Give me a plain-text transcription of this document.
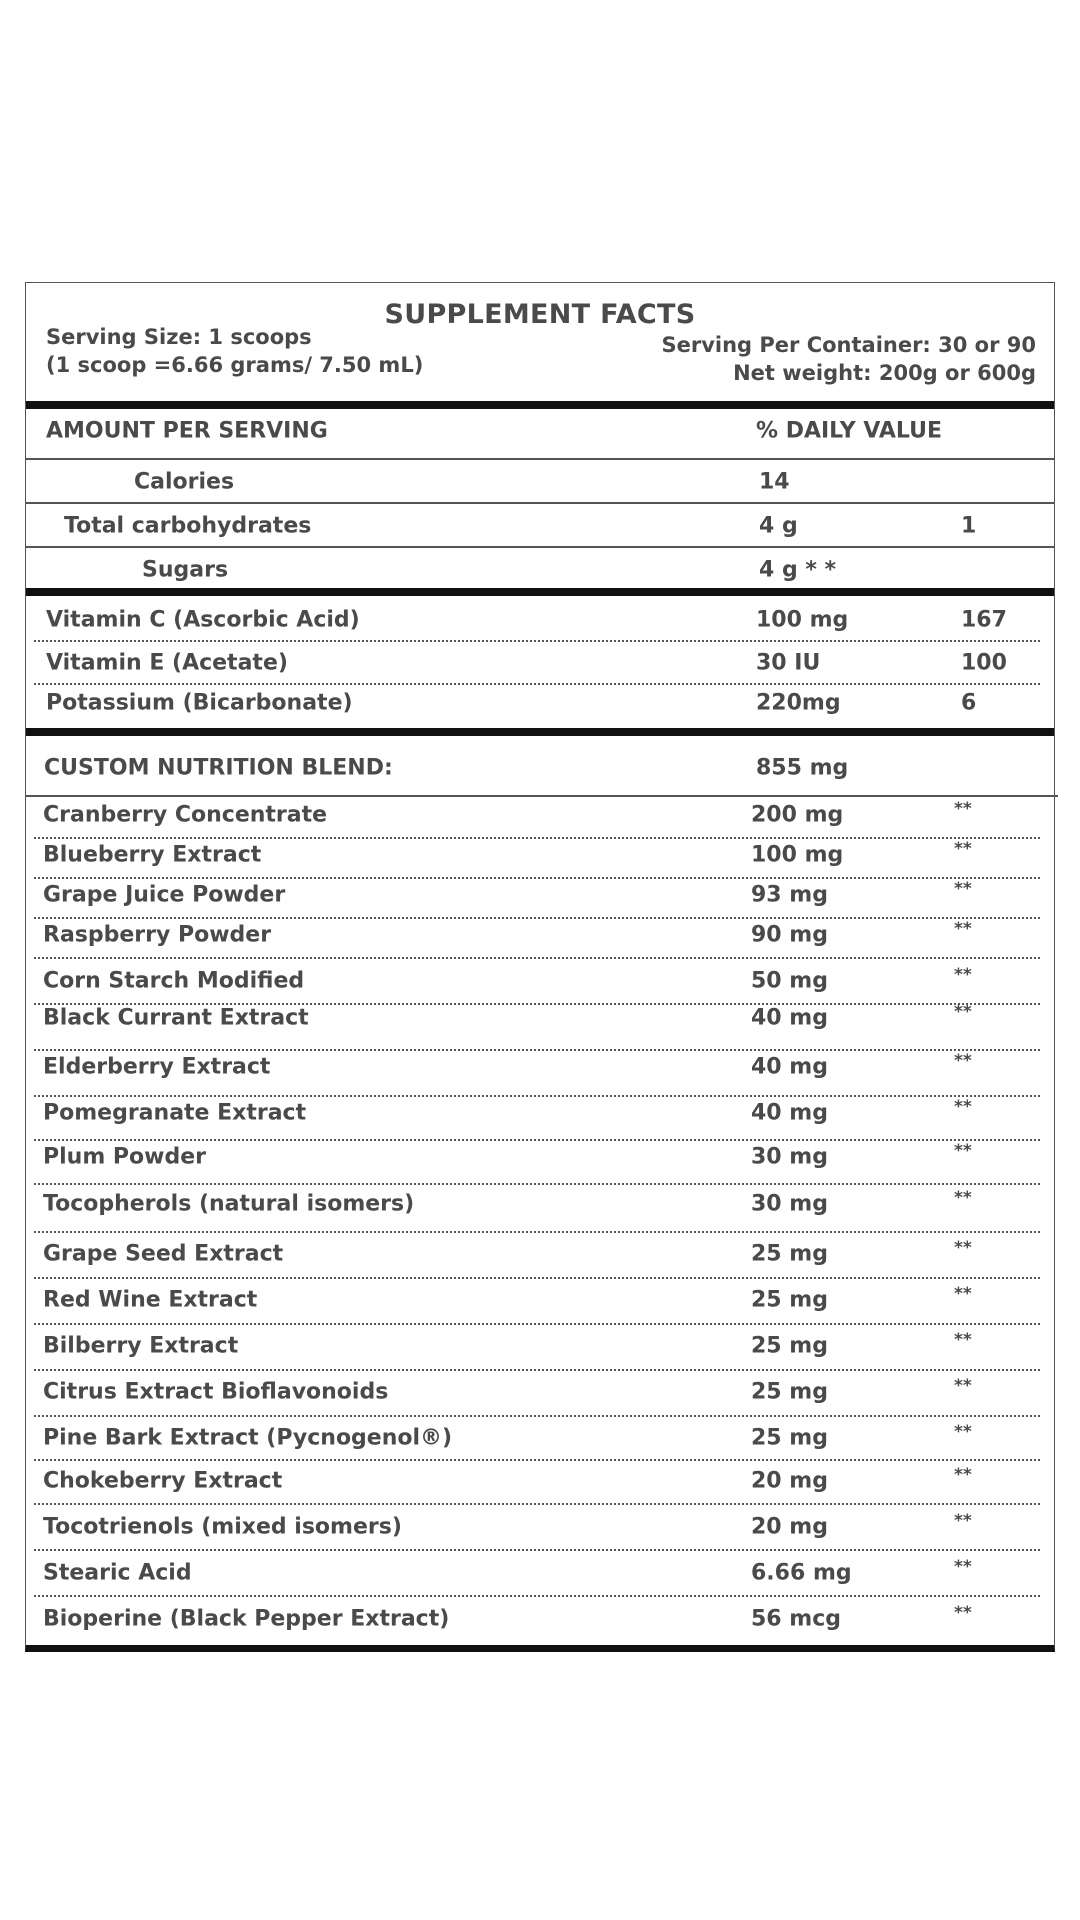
SUPPLEMENT FACTS
Serving Size: 1 scoops
(1 scoop =6.66 grams/ 7.50 mL)
Serving Per Container: 30 or 90
Net weight: 200g or 600g
AMOUNT PER SERVING	% DAILY VALUE
Calories	14
Total carbohydrates	4 g	1
Sugars	4 g * *
Vitamin C (Ascorbic Acid)	100 mg	167
Vitamin E (Acetate)	30 IU	100
Potassium (Bicarbonate)	220mg	6
CUSTOM NUTRITION BLEND:	855 mg
Cranberry Concentrate	200 mg	**
Blueberry Extract	100 mg	**
Grape Juice Powder	93 mg	**
Raspberry Powder	90 mg	**
Corn Starch Modified	50 mg	**
Black Currant Extract	40 mg	**
Elderberry Extract	40 mg	**
Pomegranate Extract	40 mg	**
Plum Powder	30 mg	**
Tocopherols (natural isomers)	30 mg	**
Grape Seed Extract	25 mg	**
Red Wine Extract	25 mg	**
Bilberry Extract	25 mg	**
Citrus Extract Bioflavonoids	25 mg	**
Pine Bark Extract (Pycnogenol®)	25 mg	**
Chokeberry Extract	20 mg	**
Tocotrienols (mixed isomers)	20 mg	**
Stearic Acid	6.66 mg	**
Bioperine (Black Pepper Extract)	56 mcg	**
